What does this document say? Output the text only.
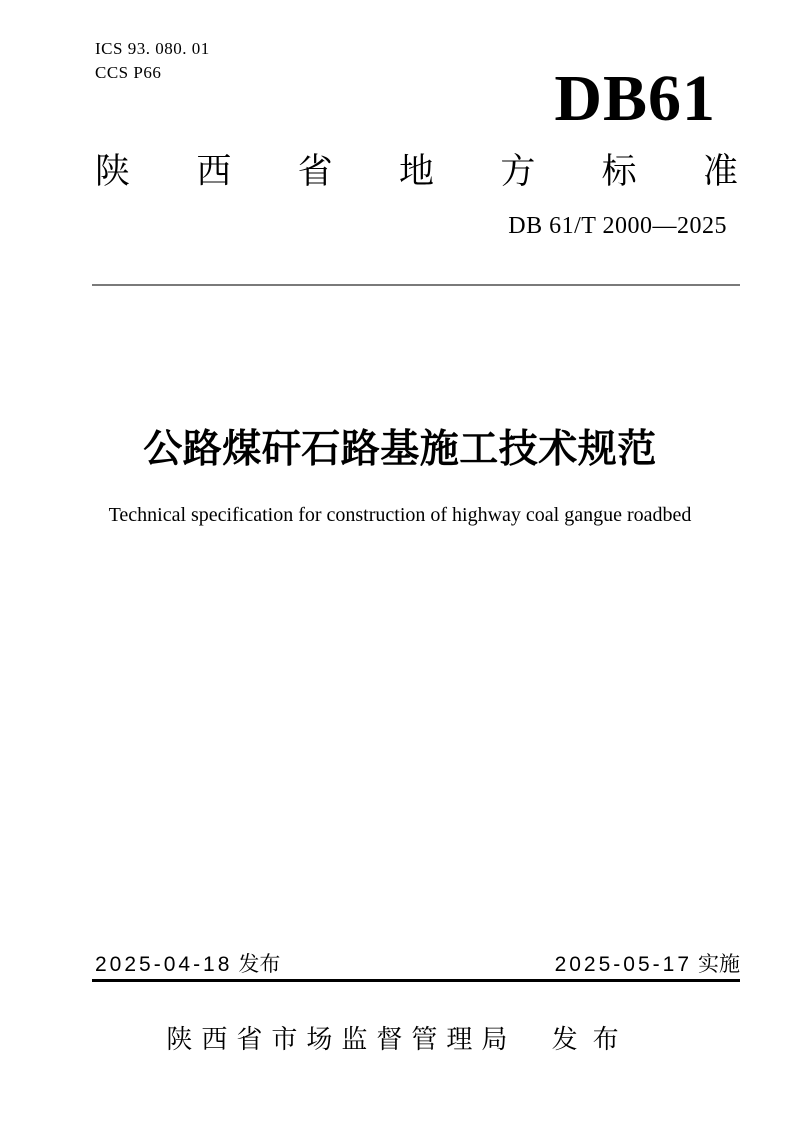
ICS 93. 080. 01
CCS P66	DB61
陕 西 省 地 方 标 准
DB 61/T 2000—2025
公路煤矸石路基施工技术规范
Technical specification for construction of highway coal gangue roadbed
2025-04-18 发布	2025-05-17 实施
陕西省市场监督管理局 发布
